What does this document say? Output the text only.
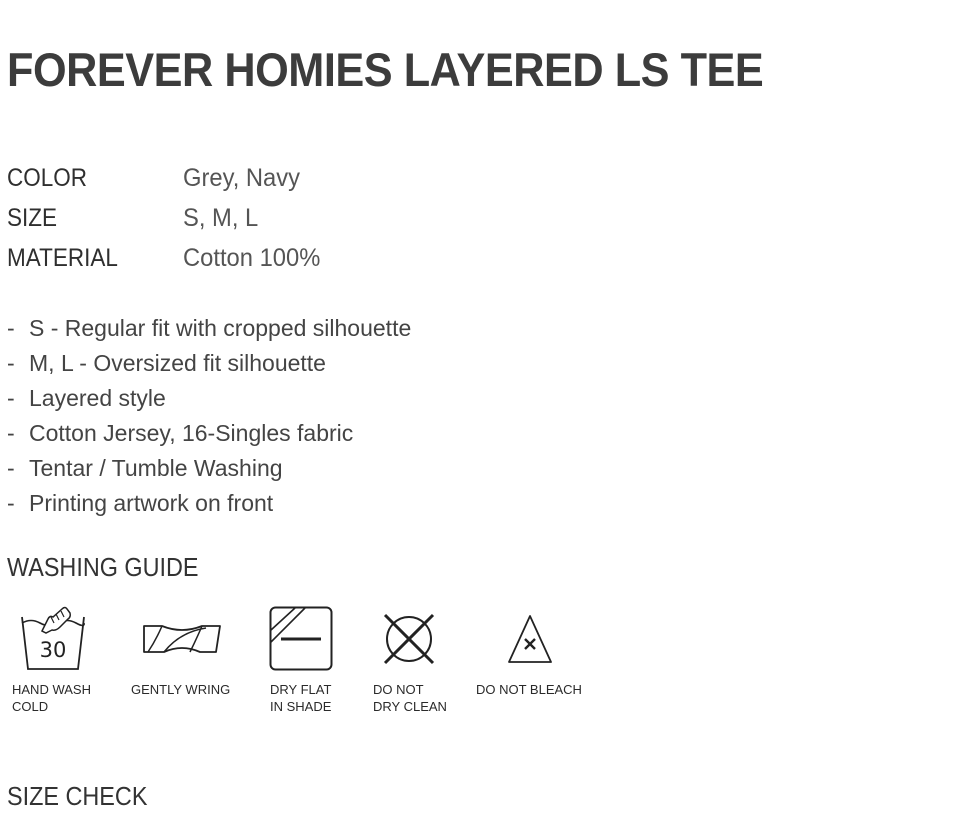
FOREVER HOMIES LAYERED LS TEE
COLOR	Grey, Navy
SIZE	S, M, L
MATERIAL	Cotton 100%
- S - Regular fit with cropped silhouette
- M, L - Oversized fit silhouette
- Layered style
- Cotton Jersey, 16-Singles fabric
- Tentar / Tumble Washing
- Printing artwork on front
WASHING GUIDE
30
HAND WASH
COLD
GENTLY WRING	DRY FLAT
IN SHADE
DO NOT
DRY CLEAN
DO NOT BLEACH
SIZE CHECK
